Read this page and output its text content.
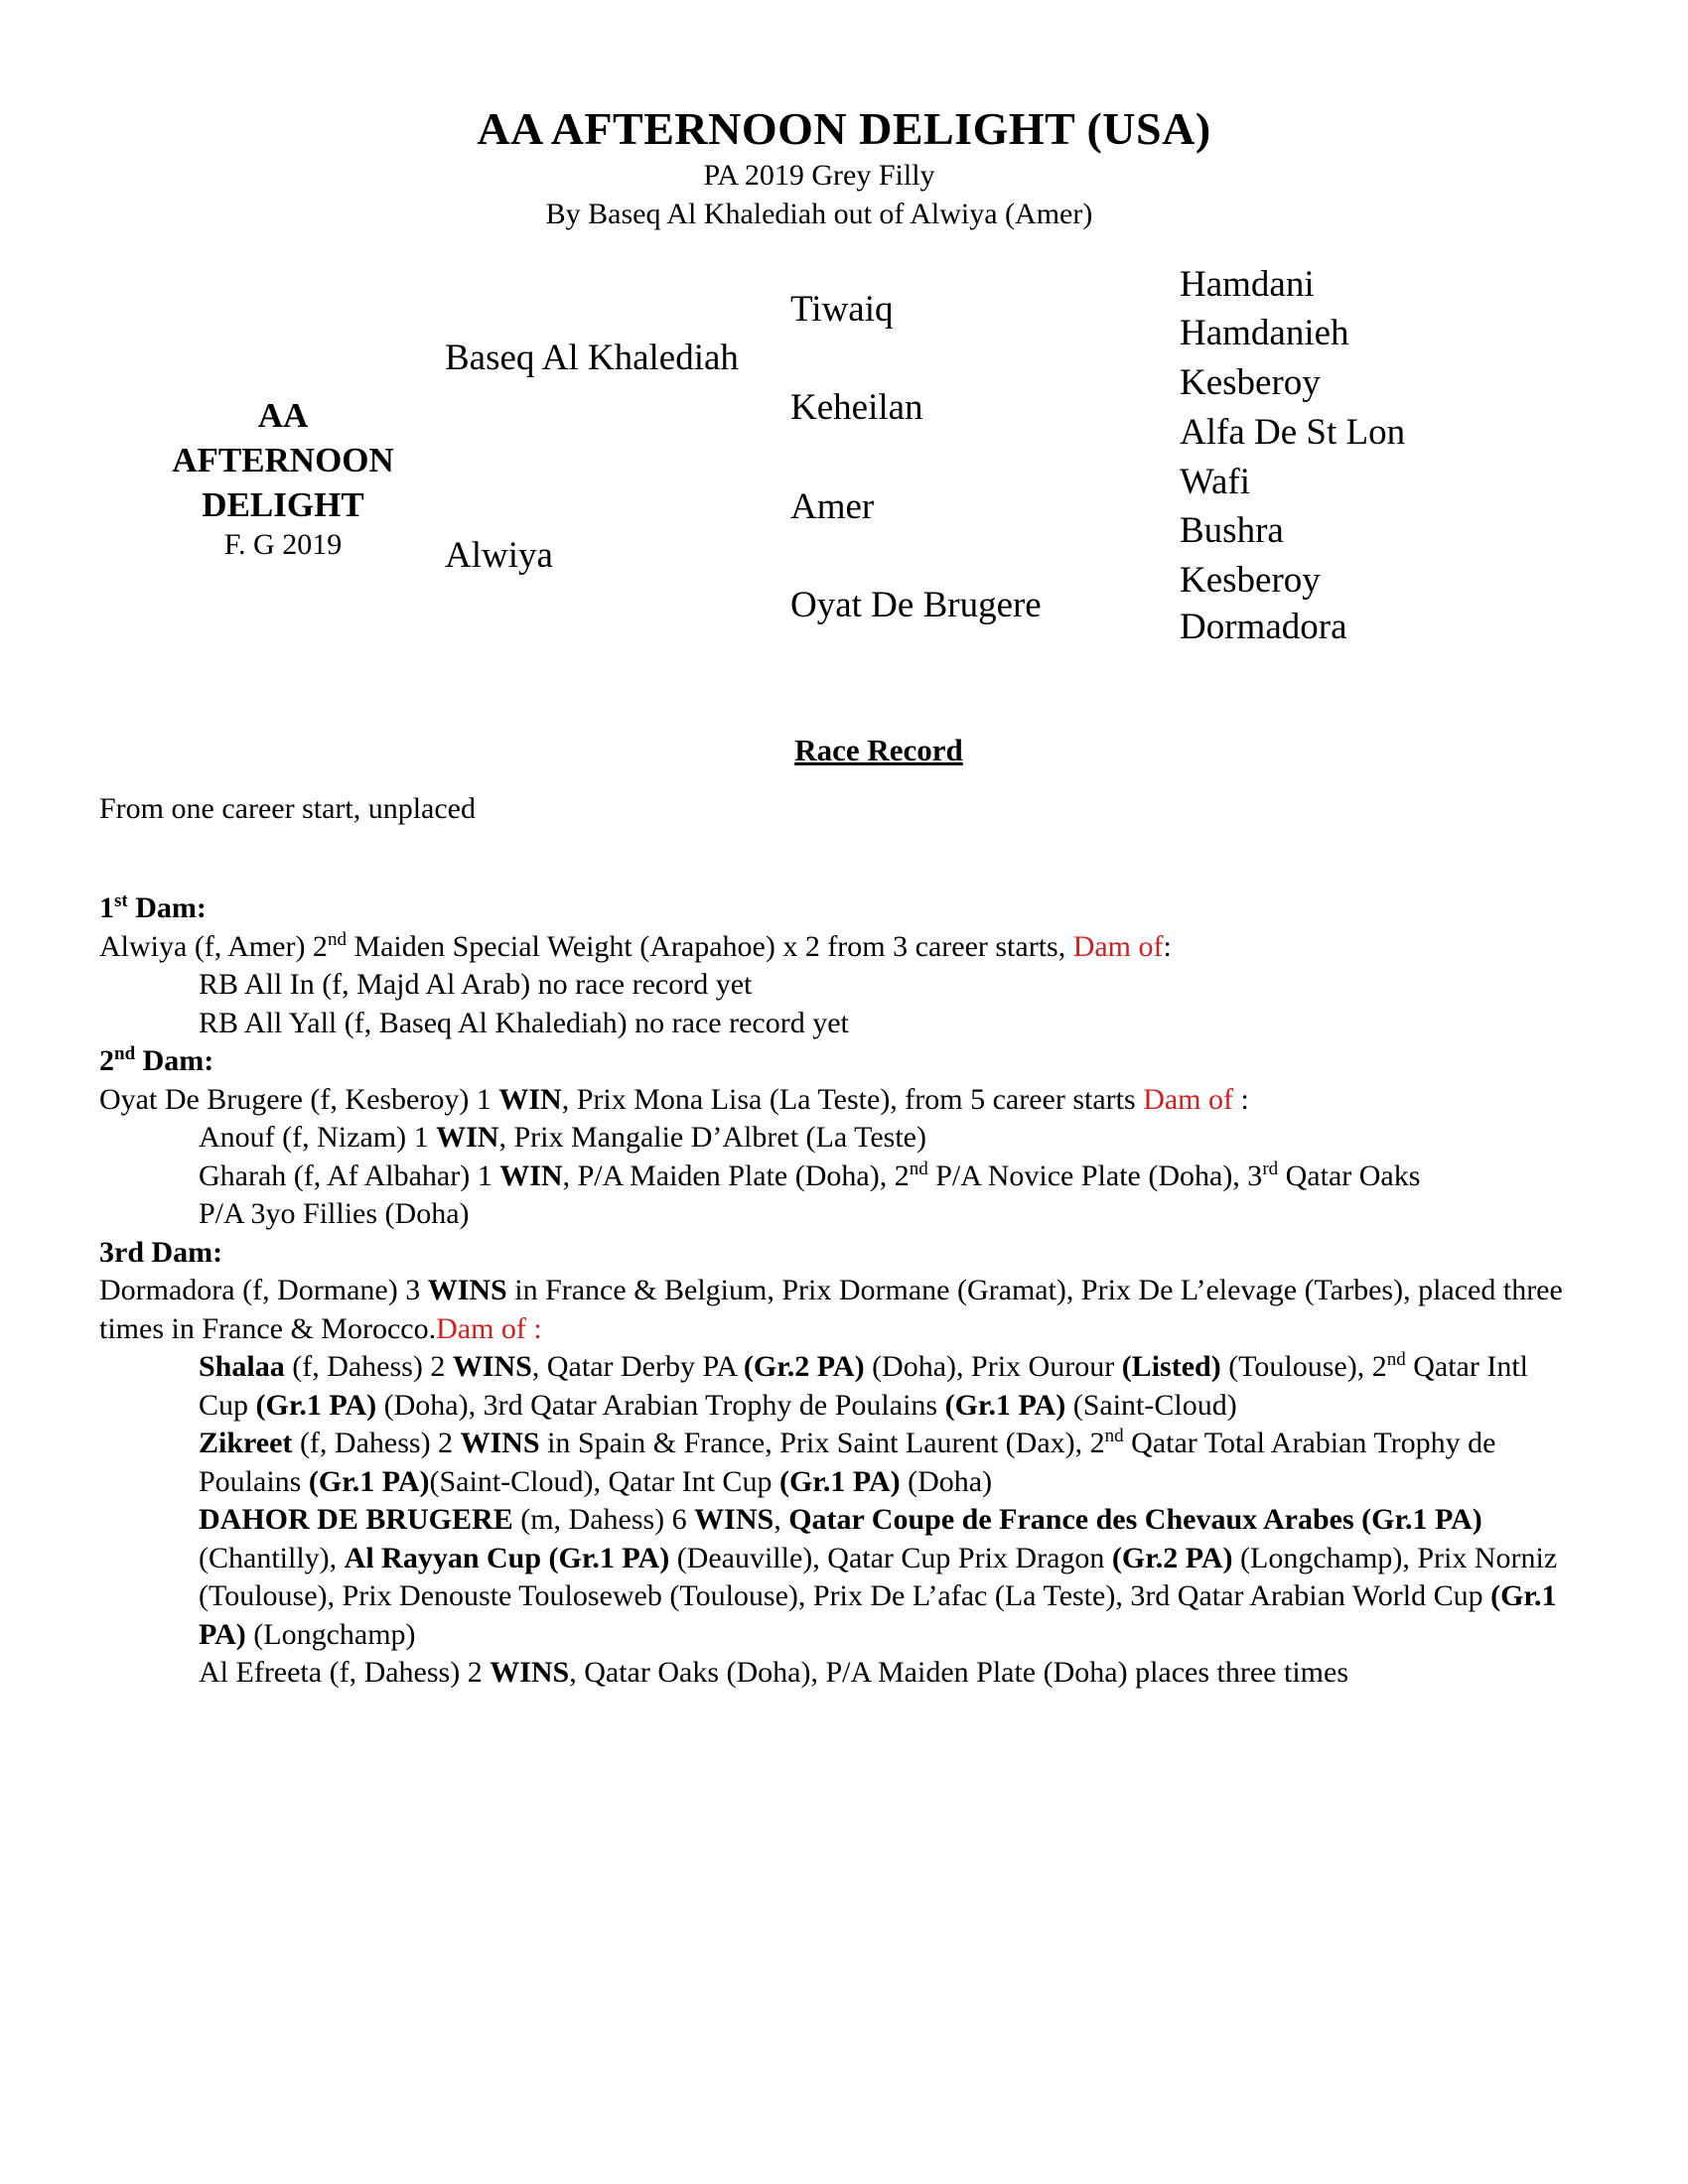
AA AFTERNOON DELIGHT (USA)
PA 2019 Grey Filly
By Baseq Al Khalediah out of Alwiya (Amer)
AA
AFTERNOON
DELIGHT
F. G 2019
Baseq Al Khalediah
Alwiya
Tiwaiq
Keheilan
Amer
Oyat De Brugere
Hamdani
Hamdanieh
Kesberoy
Alfa De St Lon
Wafi
Bushra
Kesberoy
Dormadora
Race Record
From one career start, unplaced

1st Dam:

Alwiya (f, Amer) 2nd Maiden Special Weight (Arapahoe) x 2 from 3 career starts, Dam of:

RB All In (f, Majd Al Arab) no race record yet

RB All Yall (f, Baseq Al Khalediah) no race record yet

2nd Dam:

Oyat De Brugere (f, Kesberoy) 1 WIN, Prix Mona Lisa (La Teste), from 5 career starts Dam of :

Anouf (f, Nizam) 1 WIN, Prix Mangalie D’Albret (La Teste)

Gharah (f, Af Albahar) 1 WIN, P/A Maiden Plate (Doha), 2nd P/A Novice Plate (Doha), 3rd Qatar Oaks

P/A 3yo Fillies (Doha)

3rd Dam:

Dormadora (f, Dormane) 3 WINS in France & Belgium, Prix Dormane (Gramat), Prix De L’elevage (Tarbes), placed three times in France & Morocco.Dam of :

Shalaa (f, Dahess) 2 WINS, Qatar Derby PA (Gr.2 PA) (Doha), Prix Ourour (Listed) (Toulouse), 2nd Qatar Intl Cup (Gr.1 PA) (Doha), 3rd Qatar Arabian Trophy de Poulains (Gr.1 PA) (Saint-Cloud)

Zikreet (f, Dahess) 2 WINS in Spain & France, Prix Saint Laurent (Dax), 2nd Qatar Total Arabian Trophy de Poulains (Gr.1 PA)(Saint-Cloud), Qatar Int Cup (Gr.1 PA) (Doha)

DAHOR DE BRUGERE (m, Dahess) 6 WINS, Qatar Coupe de France des Chevaux Arabes (Gr.1 PA) (Chantilly), Al Rayyan Cup (Gr.1 PA) (Deauville), Qatar Cup Prix Dragon (Gr.2 PA) (Longchamp), Prix Norniz (Toulouse), Prix Denouste Touloseweb (Toulouse), Prix De L’afac (La Teste), 3rd Qatar Arabian World Cup (Gr.1 PA) (Longchamp)

Al Efreeta (f, Dahess) 2 WINS, Qatar Oaks (Doha), P/A Maiden Plate (Doha) places three times
